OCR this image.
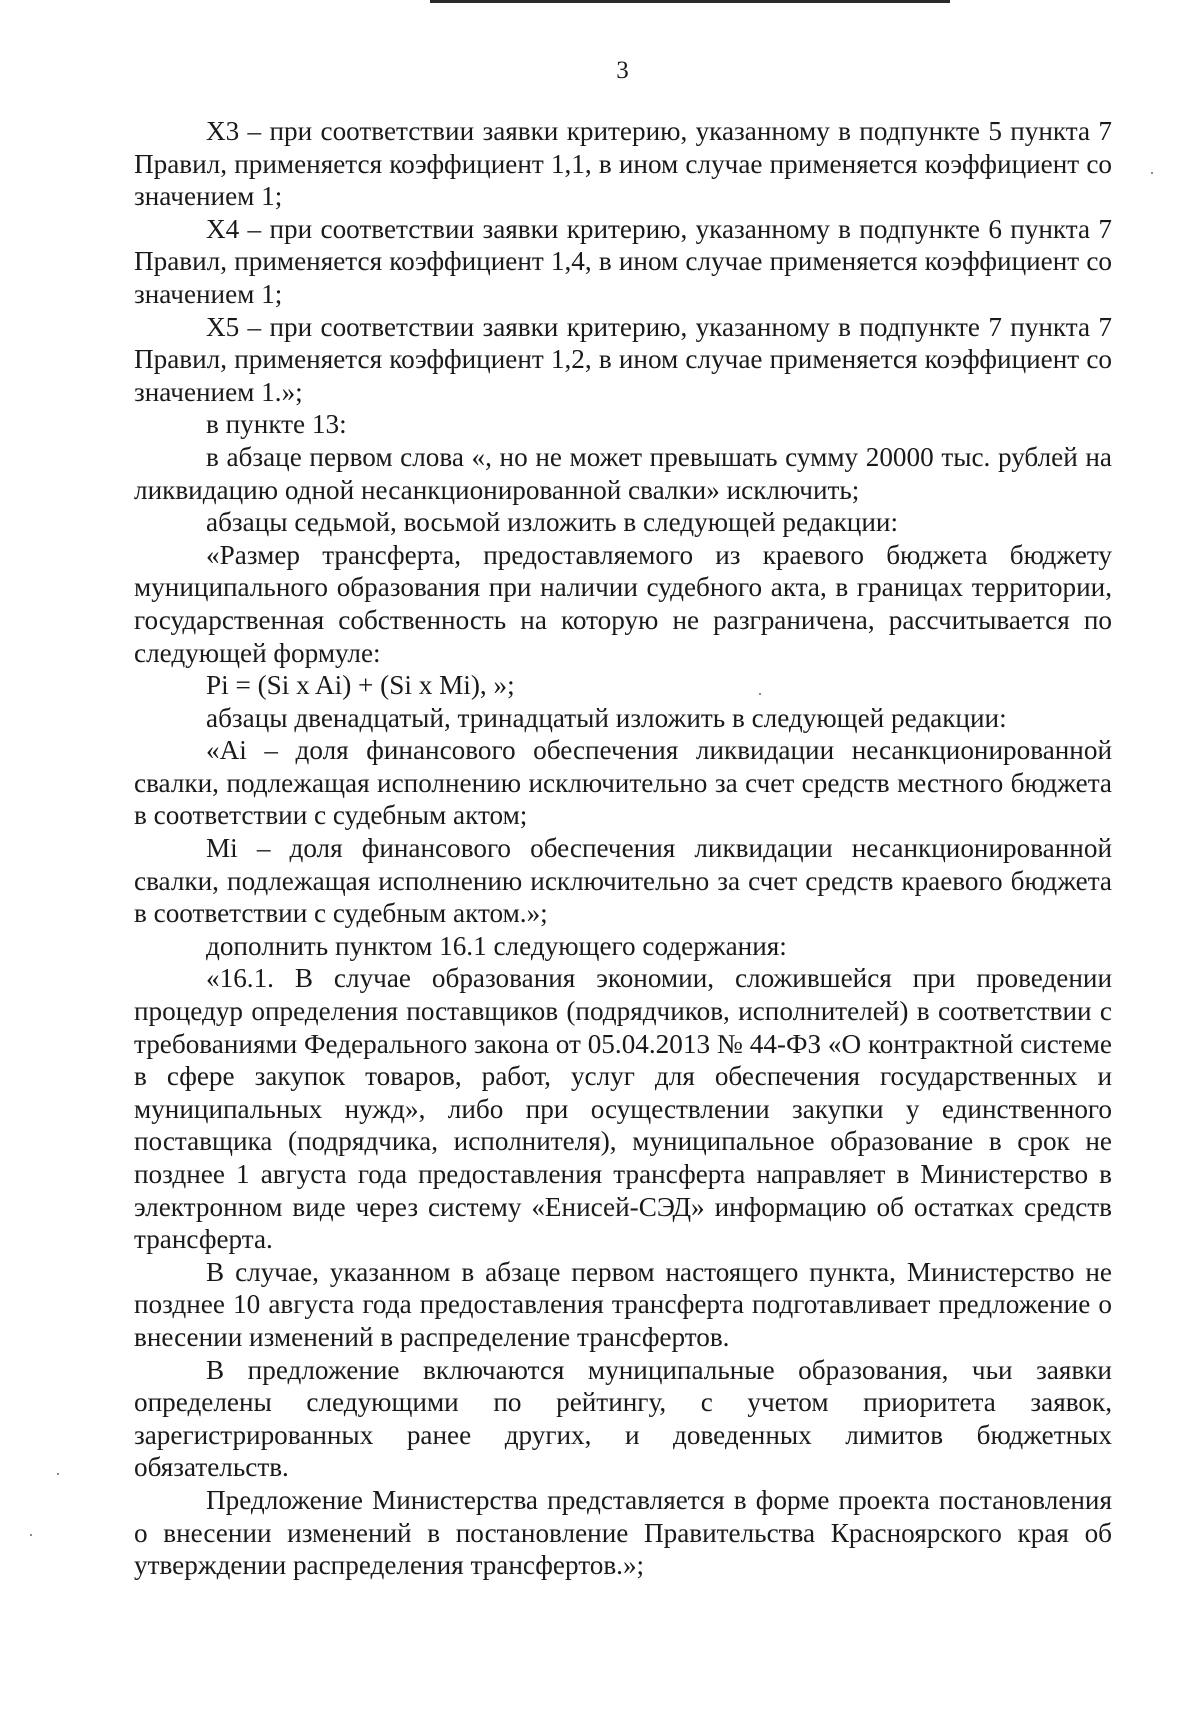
3

Х3 – при соответствии заявки критерию, указанному в подпункте 5 пункта 7 Правил, применяется коэффициент 1,1, в ином случае применяется коэффициент со значением 1;

Х4 – при соответствии заявки критерию, указанному в подпункте 6 пункта 7 Правил, применяется коэффициент 1,4, в ином случае применяется коэффициент со значением 1;

Х5 – при соответствии заявки критерию, указанному в подпункте 7 пункта 7 Правил, применяется коэффициент 1,2, в ином случае применяется коэффициент со значением 1.»;

в пункте 13:

в абзаце первом слова «, но не может превышать сумму 20000 тыс. рублей на ликвидацию одной несанкционированной свалки» исключить;

абзацы седьмой, восьмой изложить в следующей редакции:

«Размер трансферта, предоставляемого из краевого бюджета бюджету муниципального образования при наличии судебного акта, в границах территории, государственная собственность на которую не разграничена, рассчитывается по следующей формуле:

Pi = (Si x Ai) + (Si x Mi), »;

абзацы двенадцатый, тринадцатый изложить в следующей редакции:

«Ai – доля финансового обеспечения ликвидации несанкционированной свалки, подлежащая исполнению исключительно за счет средств местного бюджета в соответствии с судебным актом;

Mi – доля финансового обеспечения ликвидации несанкционированной свалки, подлежащая исполнению исключительно за счет средств краевого бюджета в соответствии с судебным актом.»;

дополнить пунктом 16.1 следующего содержания:

«16.1. В случае образования экономии, сложившейся при проведении процедур определения поставщиков (подрядчиков, исполнителей) в соответствии с требованиями Федерального закона от 05.04.2013 № 44-ФЗ «О контрактной системе в сфере закупок товаров, работ, услуг для обеспечения государственных и муниципальных нужд», либо при осуществлении закупки у единственного поставщика (подрядчика, исполнителя), муниципальное образование в срок не позднее 1 августа года предоставления трансферта направляет в Министерство в электронном виде через систему «Енисей-СЭД» информацию об остатках средств трансферта.

В случае, указанном в абзаце первом настоящего пункта, Министерство не позднее 10 августа года предоставления трансферта подготавливает предложение о внесении изменений в распределение трансфертов.

В предложение включаются муниципальные образования, чьи заявки определены следующими по рейтингу, с учетом приоритета заявок, зарегистрированных ранее других, и доведенных лимитов бюджетных обязательств.

Предложение Министерства представляется в форме проекта постановления о внесении изменений в постановление Правительства Красноярского края об утверждении распределения трансфертов.»;
